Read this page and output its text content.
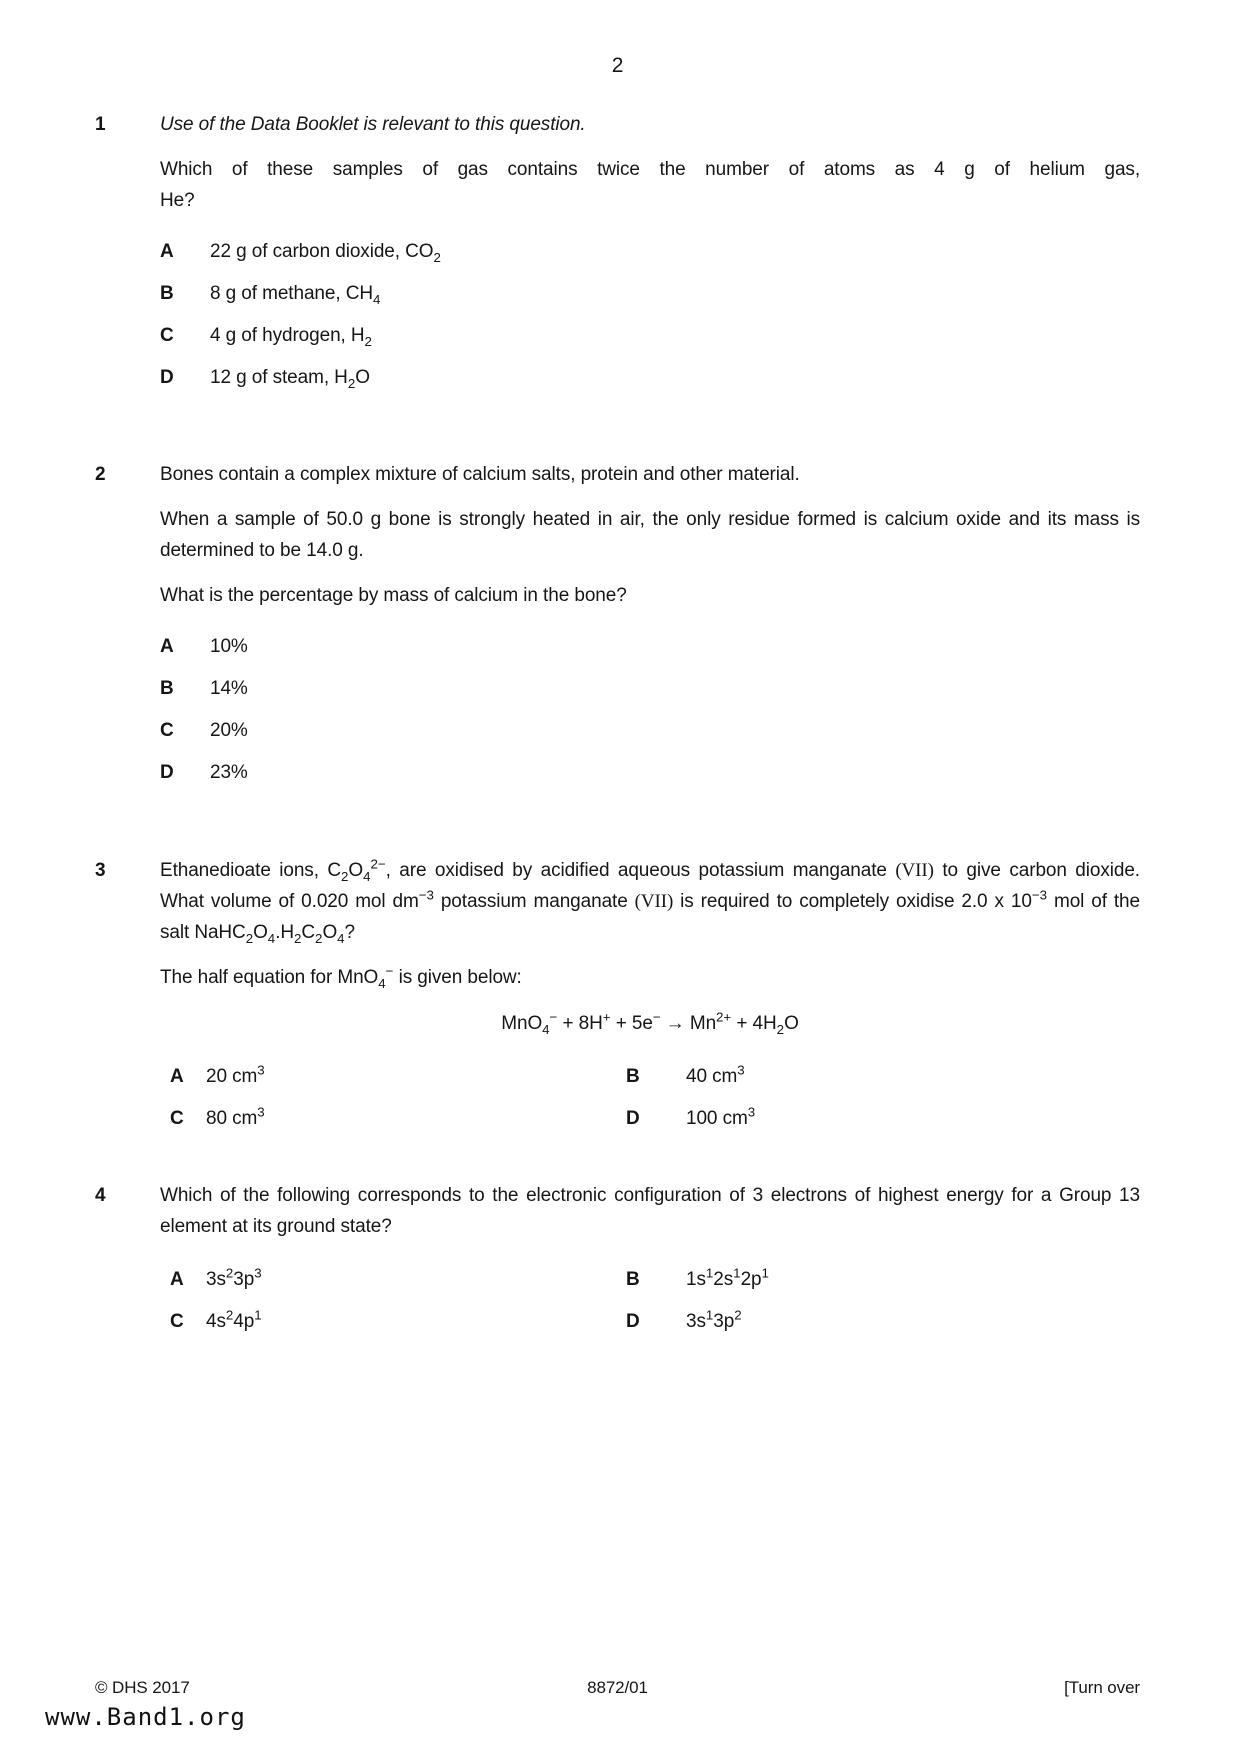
2
1	Use of the Data Booklet is relevant to this question.

Which of these samples of gas contains twice the number of atoms as 4 g of helium gas,
He?

A	22 g of carbon dioxide, $CO_2$
B	8 g of methane, $CH_4$
C	4 g of hydrogen, $H_2$
D	12 g of steam, $H_2O$
2	Bones contain a complex mixture of calcium salts, protein and other material.

When a sample of 50.0 g bone is strongly heated in air, the only residue formed is calcium oxide and its mass is determined to be 14.0 g.

What is the percentage by mass of calcium in the bone?

A	10%
B	14%
C	20%
D	23%
3	Ethanedioate ions, $C_2O_4^{2-}$, are oxidised by acidified aqueous potassium manganate (VII) to give carbon dioxide. What volume of 0.020 mol $dm^{-3}$ potassium manganate (VII) is required to completely oxidise 2.0 x $10^{-3}$ mol of the salt $NaHC_2O_4.H_2C_2O_4$?

The half equation for MnO$_4$− is given below:

$MnO_4^- + 8H^+ + 5e^- \to Mn^{2+} + 4H_2O$

A	20 $cm^3$	B	40 $cm^3$
C	80 $cm^3$	D	100 $cm^3$
4	Which of the following corresponds to the electronic configuration of 3 electrons of highest energy for a Group 13 element at its ground state?

A	$3s^23p^3$	B	$1s^12s^12p^1$
C	$4s^24p^1$	D	$3s^13p^2$
© DHS 2017	8872/01	[Turn over
www.Band1.org
